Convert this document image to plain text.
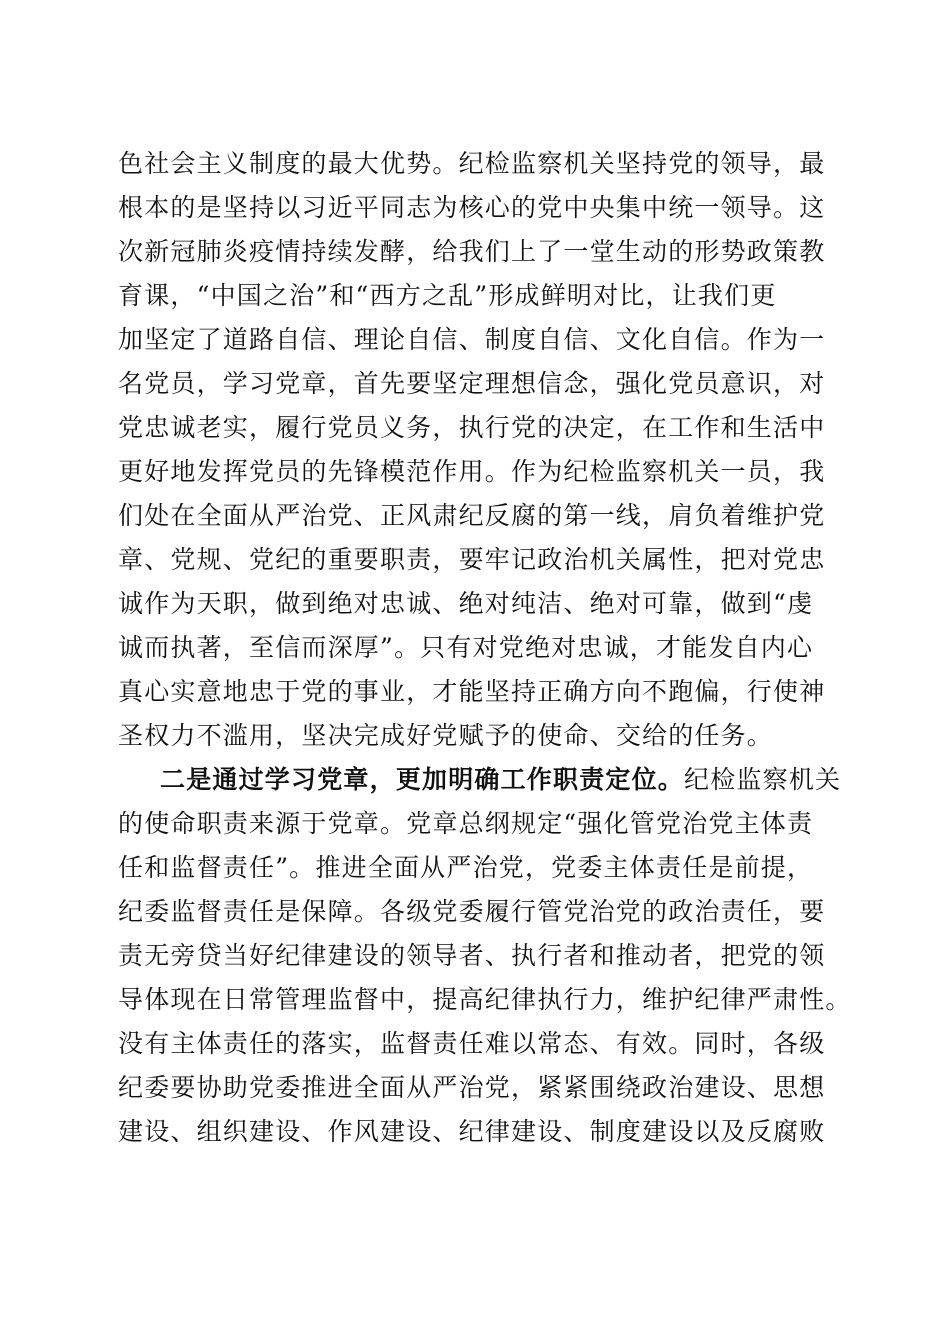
色社会主义制度的最大优势。纪检监察机关坚持党的领导，最
根本的是坚持以习近平同志为核心的党中央集中统一领导。这
次新冠肺炎疫情持续发酵，给我们上了一堂生动的形势政策教
育课，“中国之治”和“西方之乱”形成鲜明对比，让我们更
加坚定了道路自信、理论自信、制度自信、文化自信。作为一
名党员，学习党章，首先要坚定理想信念，强化党员意识，对
党忠诚老实，履行党员义务，执行党的决定，在工作和生活中
更好地发挥党员的先锋模范作用。作为纪检监察机关一员，我
们处在全面从严治党、正风肃纪反腐的第一线，肩负着维护党
章、党规、党纪的重要职责，要牢记政治机关属性，把对党忠
诚作为天职，做到绝对忠诚、绝对纯洁、绝对可靠，做到“虔
诚而执著，至信而深厚”。只有对党绝对忠诚，才能发自内心
真心实意地忠于党的事业，才能坚持正确方向不跑偏，行使神
圣权力不滥用，坚决完成好党赋予的使命、交给的任务。
二是通过学习党章，更加明确工作职责定位。纪检监察机关
的使命职责来源于党章。党章总纲规定“强化管党治党主体责
任和监督责任”。推进全面从严治党，党委主体责任是前提，
纪委监督责任是保障。各级党委履行管党治党的政治责任，要
责无旁贷当好纪律建设的领导者、执行者和推动者，把党的领
导体现在日常管理监督中，提高纪律执行力，维护纪律严肃性。
没有主体责任的落实，监督责任难以常态、有效。同时，各级
纪委要协助党委推进全面从严治党，紧紧围绕政治建设、思想
建设、组织建设、作风建设、纪律建设、制度建设以及反腐败
